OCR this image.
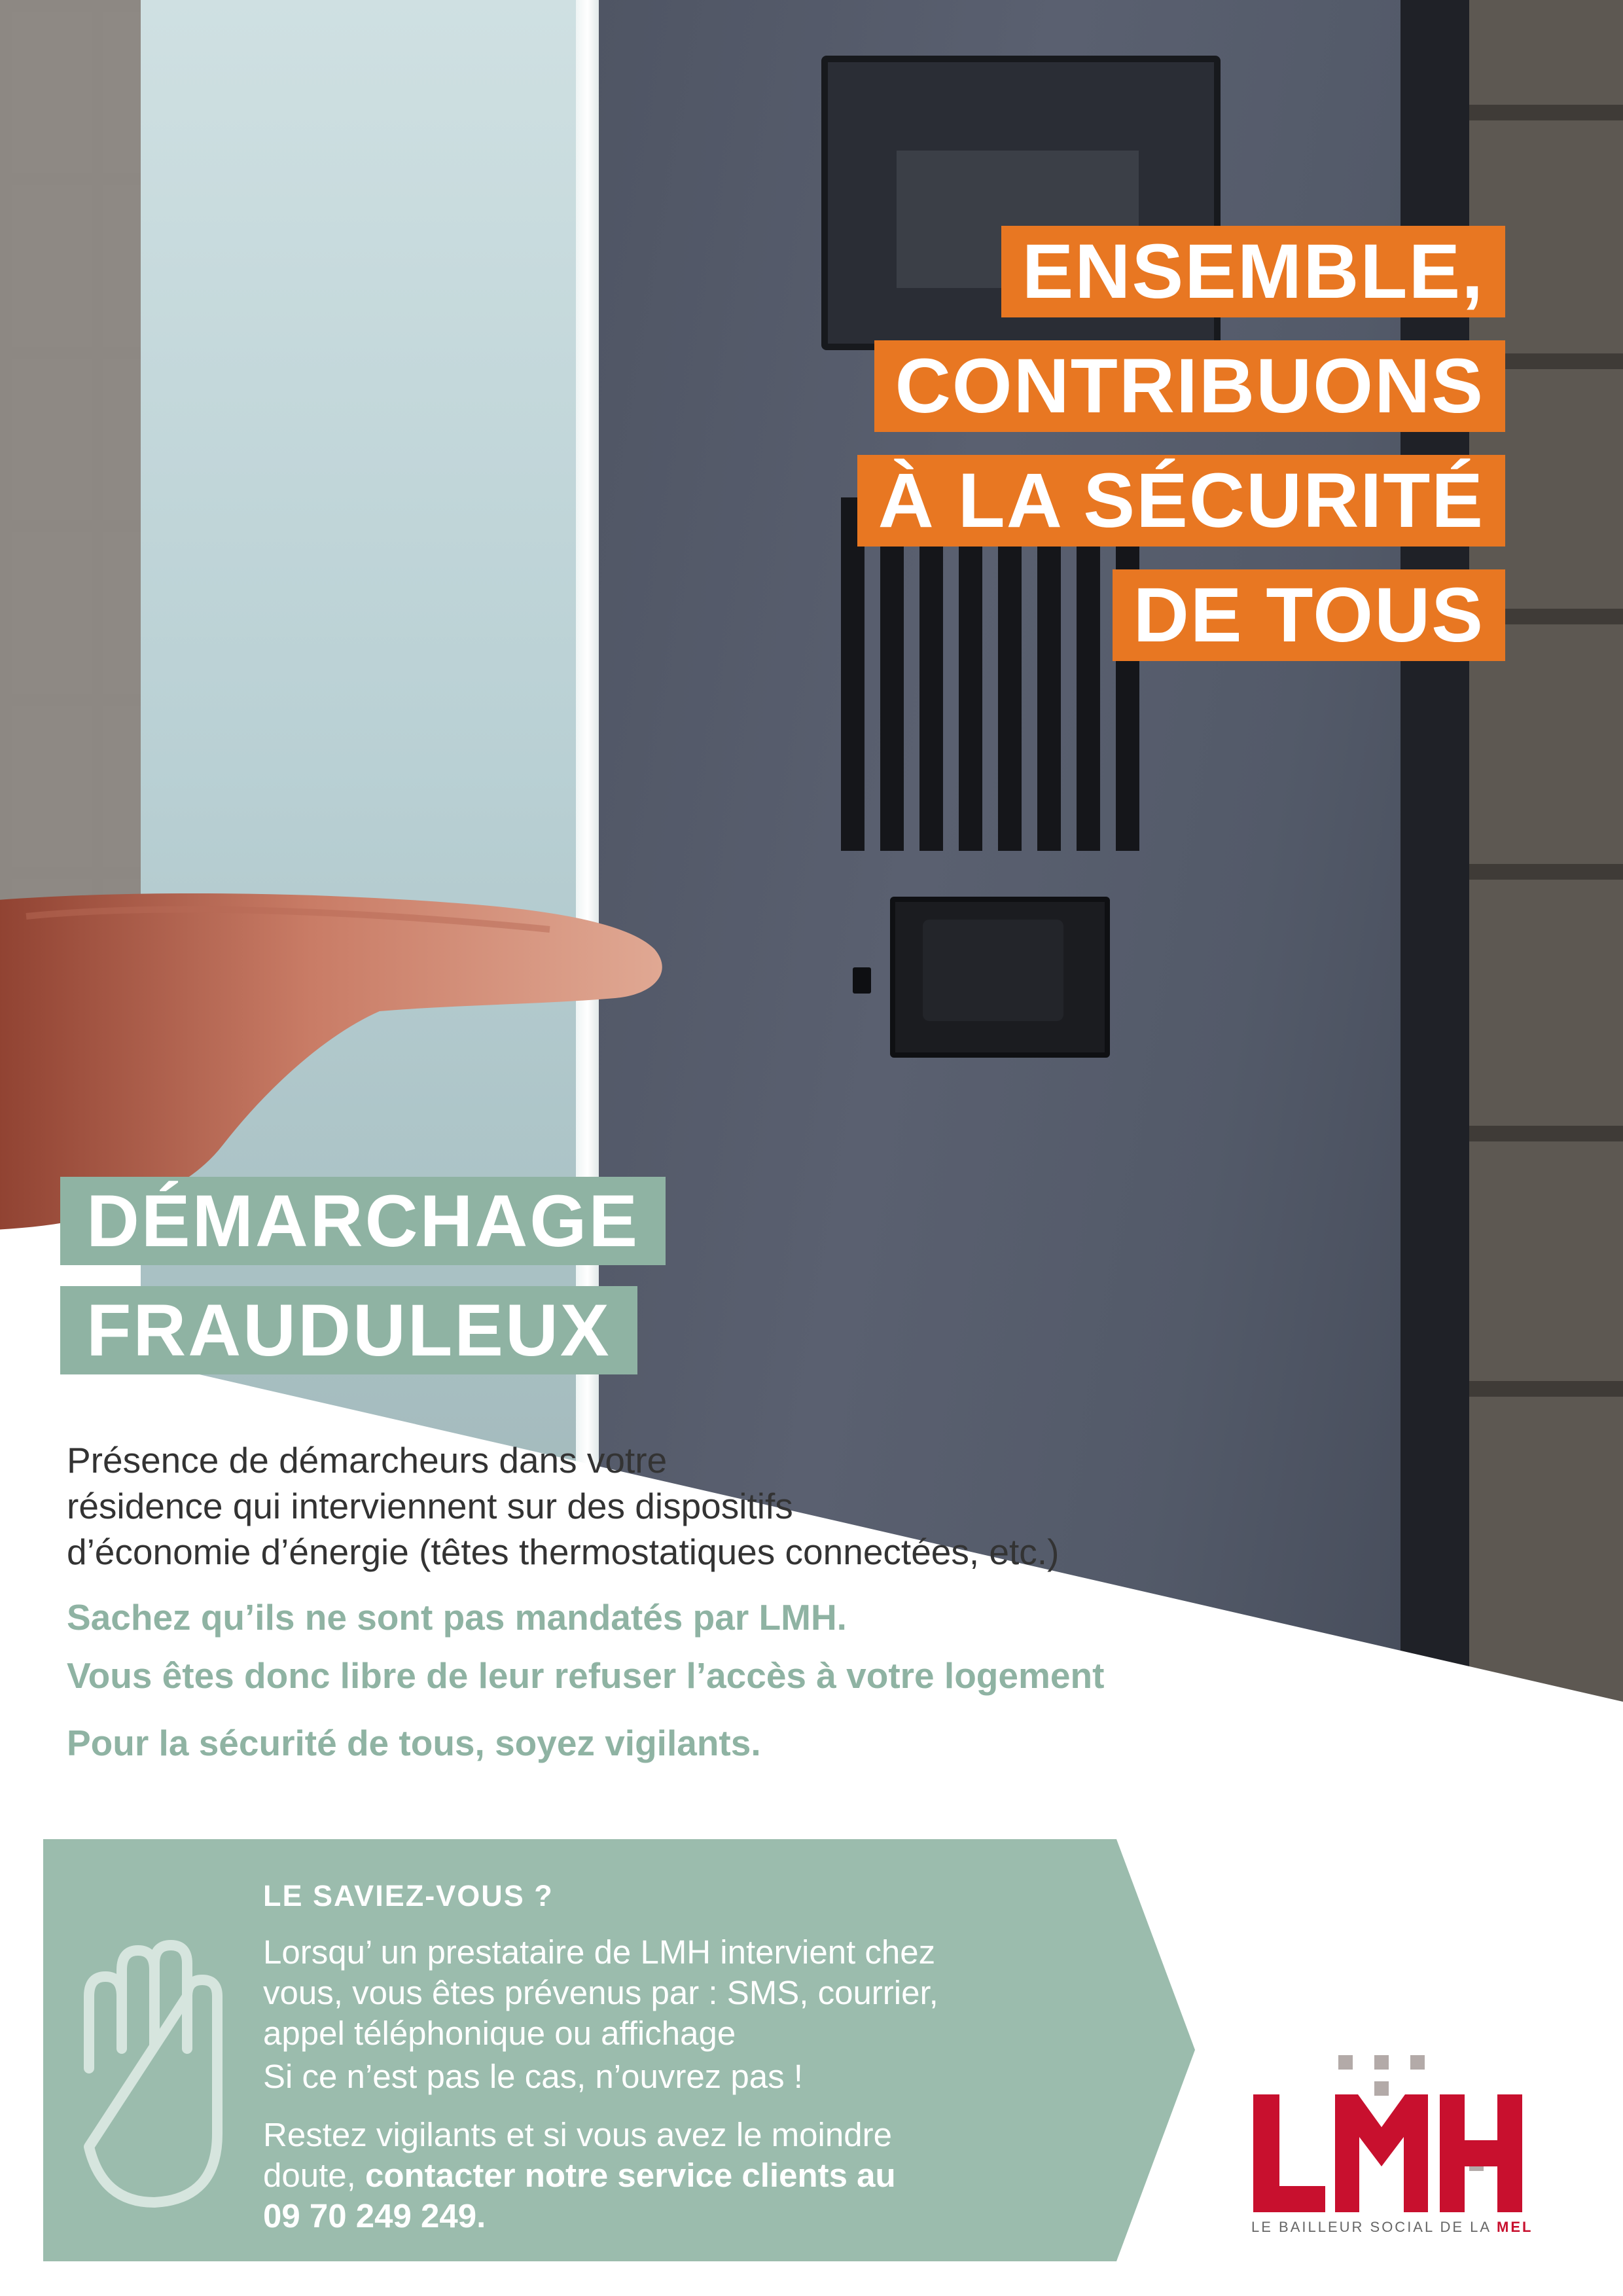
ENSEMBLE,
CONTRIBUONS
À LA SÉCURITÉ
DE TOUS
DÉMARCHAGE
FRAUDULEUX
Présence de démarcheurs dans votre
résidence qui interviennent sur des dispositifs
d’économie d’énergie (têtes thermostatiques connectées, etc.)
Sachez qu’ils ne sont pas mandatés par LMH.
Vous êtes donc libre de leur refuser l’accès à votre logement
Pour la sécurité de tous, soyez vigilants.
LE SAVIEZ-VOUS ?
Lorsqu’ un prestataire de LMH intervient chez
vous, vous êtes prévenus par : SMS, courrier,
appel téléphonique ou affichage
Si ce n’est pas le cas, n’ouvrez pas !
Restez vigilants et si vous avez le moindre
doute, contacter notre service clients au
09 70 249 249.	LE BAILLEUR SOCIAL DE LA MEL
